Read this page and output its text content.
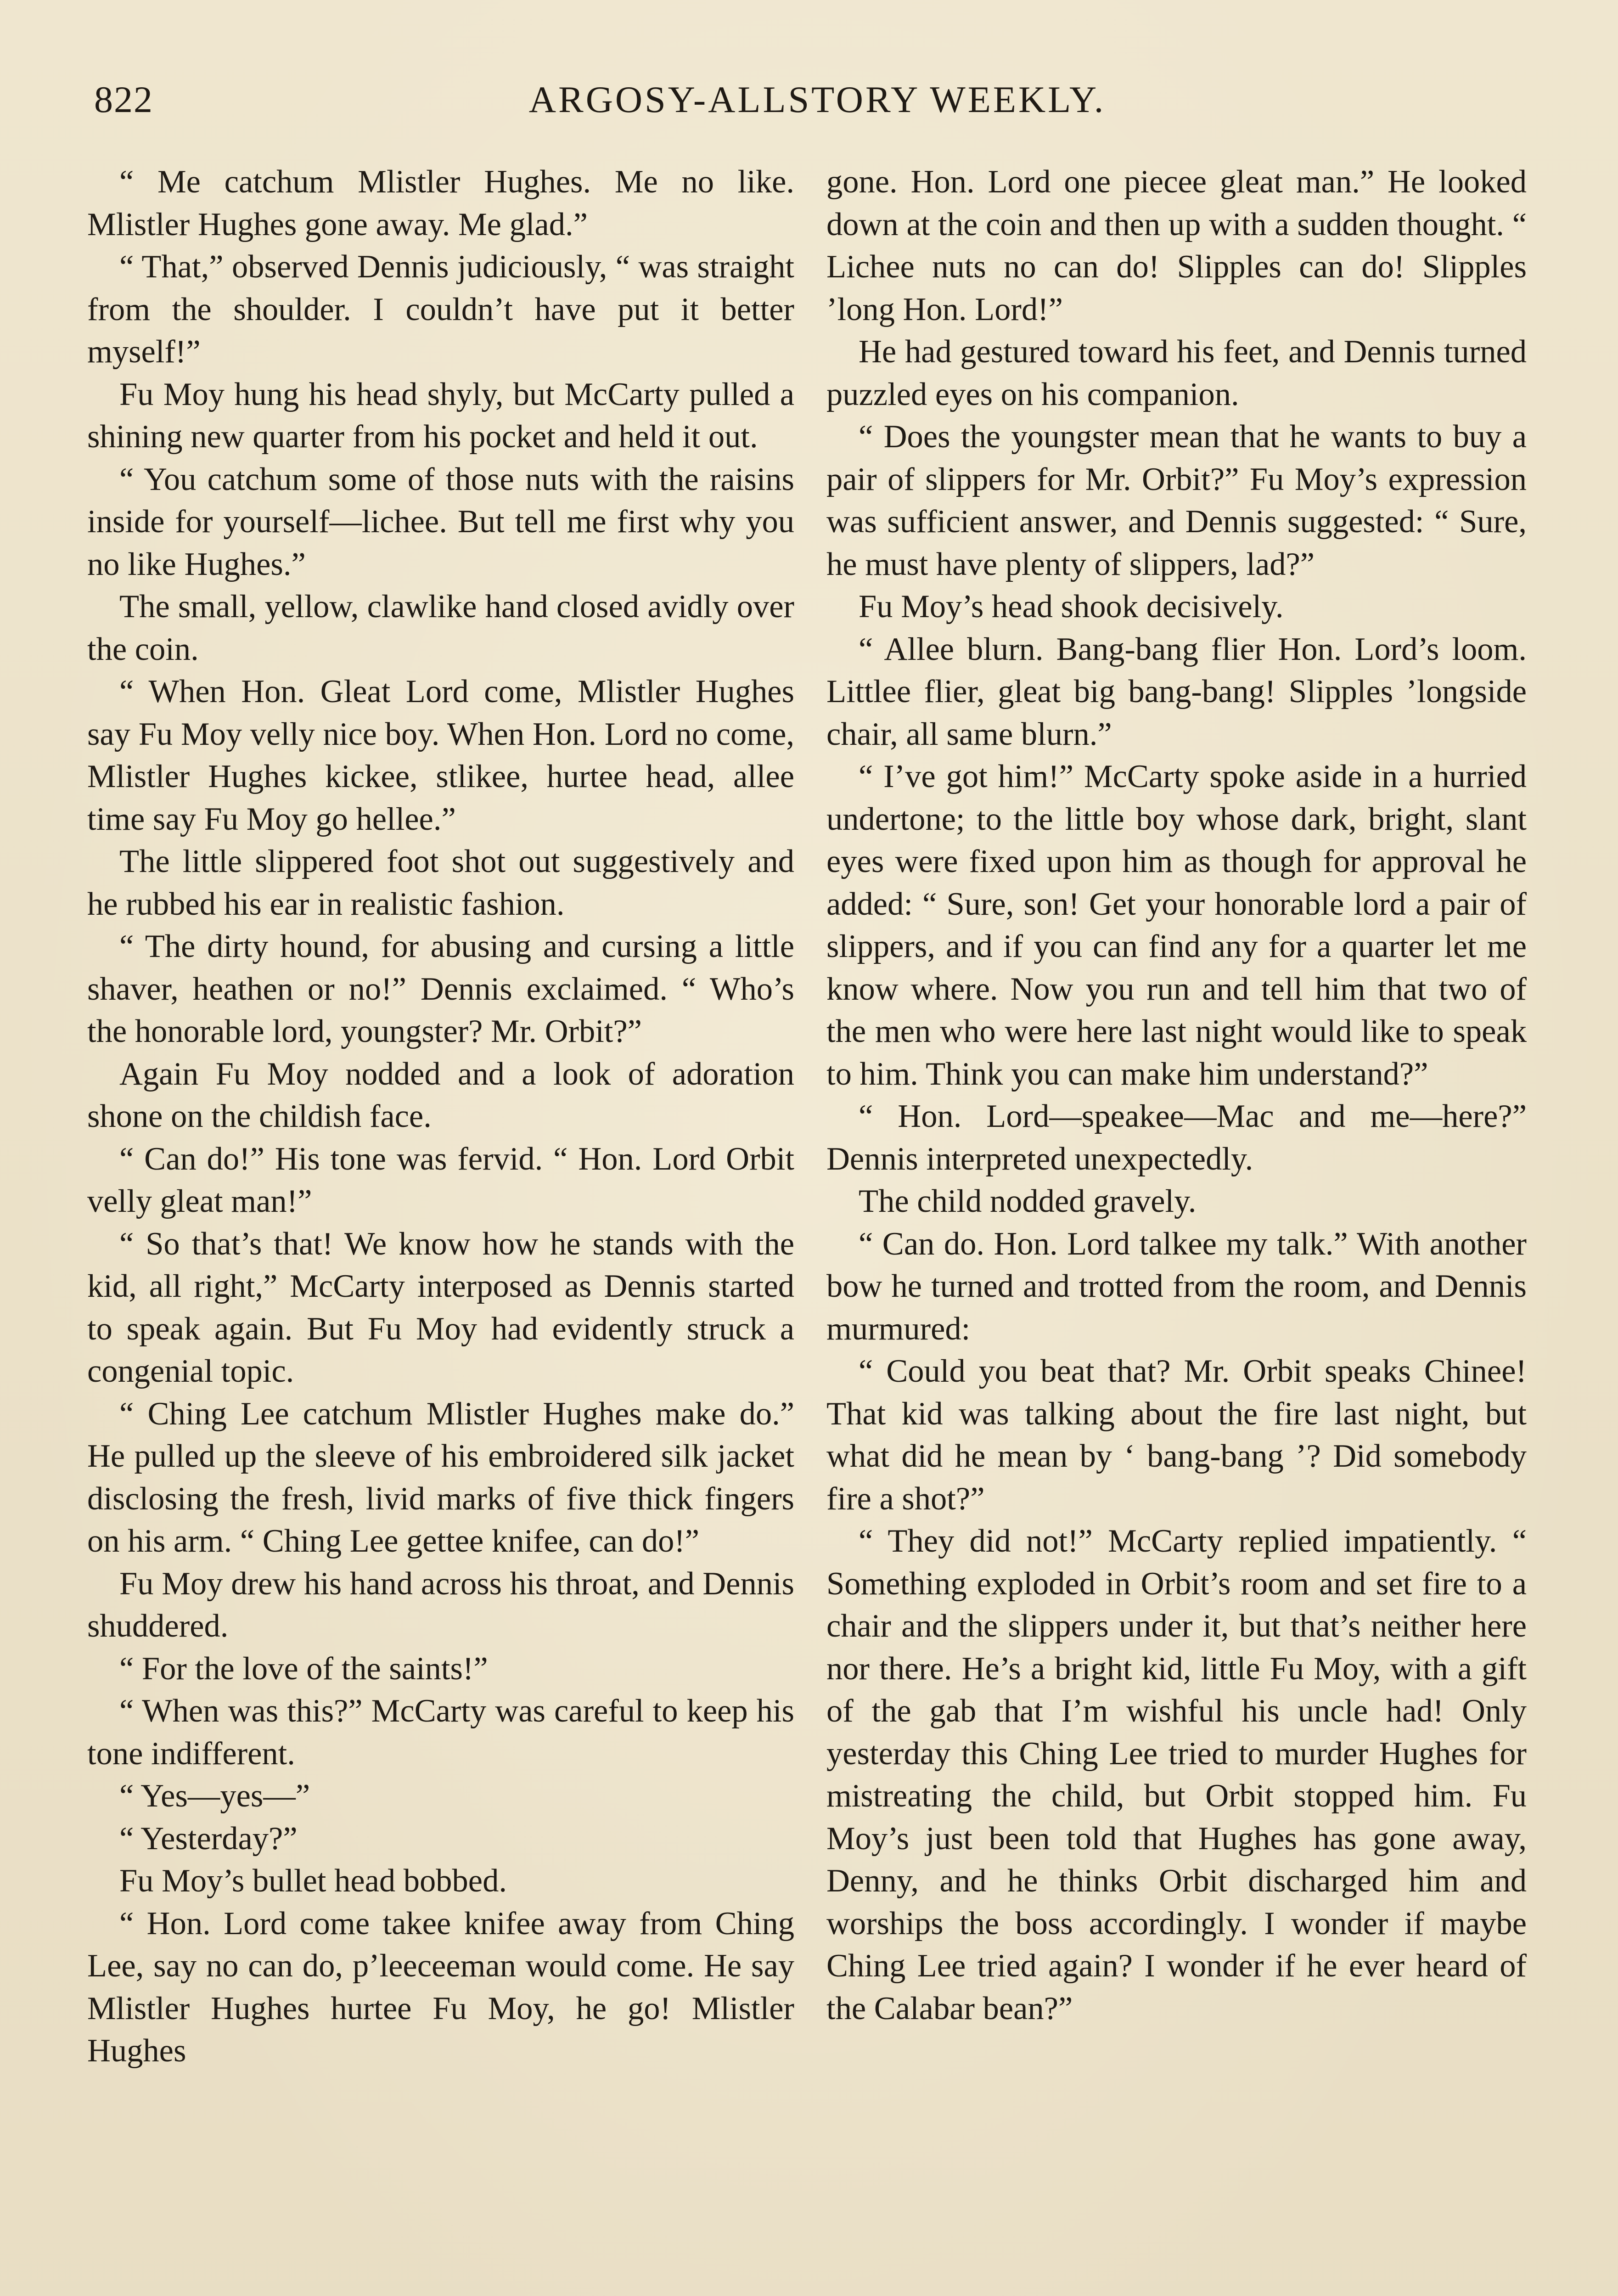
822	ARGOSY-ALLSTORY WEEKLY.

“ Me catchum Mlistler Hughes. Me no like. Mlistler Hughes gone away. Me glad.”

“ That,” observed Dennis judiciously, “ was straight from the shoulder. I couldn’t have put it better myself!”

Fu Moy hung his head shyly, but McCarty pulled a shining new quarter from his pocket and held it out.

“ You catchum some of those nuts with the raisins inside for yourself—lichee. But tell me first why you no like Hughes.”

The small, yellow, clawlike hand closed avidly over the coin.

“ When Hon. Gleat Lord come, Mlistler Hughes say Fu Moy velly nice boy. When Hon. Lord no come, Mlistler Hughes kickee, stlikee, hurtee head, allee time say Fu Moy go hellee.”

The little slippered foot shot out suggestively and he rubbed his ear in realistic fashion.

“ The dirty hound, for abusing and cursing a little shaver, heathen or no!” Dennis exclaimed. “ Who’s the honorable lord, youngster? Mr. Orbit?”

Again Fu Moy nodded and a look of adoration shone on the childish face.

“ Can do!” His tone was fervid. “ Hon. Lord Orbit velly gleat man!”

“ So that’s that! We know how he stands with the kid, all right,” McCarty interposed as Dennis started to speak again. But Fu Moy had evidently struck a congenial topic.

“ Ching Lee catchum Mlistler Hughes make do.” He pulled up the sleeve of his embroidered silk jacket disclosing the fresh, livid marks of five thick fingers on his arm. “ Ching Lee gettee knifee, can do!”

Fu Moy drew his hand across his throat, and Dennis shuddered.

“ For the love of the saints!”

“ When was this?” McCarty was careful to keep his tone indifferent.

“ Yes—yes—”

“ Yesterday?”

Fu Moy’s bullet head bobbed.

“ Hon. Lord come takee knifee away from Ching Lee, say no can do, p’leeceeman would come. He say Mlistler Hughes hurtee Fu Moy, he go! Mlistler Hughes

gone. Hon. Lord one piecee gleat man.” He looked down at the coin and then up with a sudden thought. “ Lichee nuts no can do! Slipples can do! Slipples ’long Hon. Lord!”

He had gestured toward his feet, and Dennis turned puzzled eyes on his companion.

“ Does the youngster mean that he wants to buy a pair of slippers for Mr. Orbit?” Fu Moy’s expression was sufficient answer, and Dennis suggested: “ Sure, he must have plenty of slippers, lad?”

Fu Moy’s head shook decisively.

“ Allee blurn. Bang-bang flier Hon. Lord’s loom. Littlee flier, gleat big bang-bang! Slipples ’longside chair, all same blurn.”

“ I’ve got him!” McCarty spoke aside in a hurried undertone; to the little boy whose dark, bright, slant eyes were fixed upon him as though for approval he added: “ Sure, son! Get your honorable lord a pair of slippers, and if you can find any for a quarter let me know where. Now you run and tell him that two of the men who were here last night would like to speak to him. Think you can make him understand?”

“ Hon. Lord—speakee—Mac and me—here?” Dennis interpreted unexpectedly.

The child nodded gravely.

“ Can do. Hon. Lord talkee my talk.” With another bow he turned and trotted from the room, and Dennis murmured:

“ Could you beat that? Mr. Orbit speaks Chinee! That kid was talking about the fire last night, but what did he mean by ‘ bang-bang ’? Did somebody fire a shot?”

“ They did not!” McCarty replied impatiently. “ Something exploded in Orbit’s room and set fire to a chair and the slippers under it, but that’s neither here nor there. He’s a bright kid, little Fu Moy, with a gift of the gab that I’m wishful his uncle had! Only yesterday this Ching Lee tried to murder Hughes for mistreating the child, but Orbit stopped him. Fu Moy’s just been told that Hughes has gone away, Denny, and he thinks Orbit discharged him and worships the boss accordingly. I wonder if maybe Ching Lee tried again? I wonder if he ever heard of the Calabar bean?”
